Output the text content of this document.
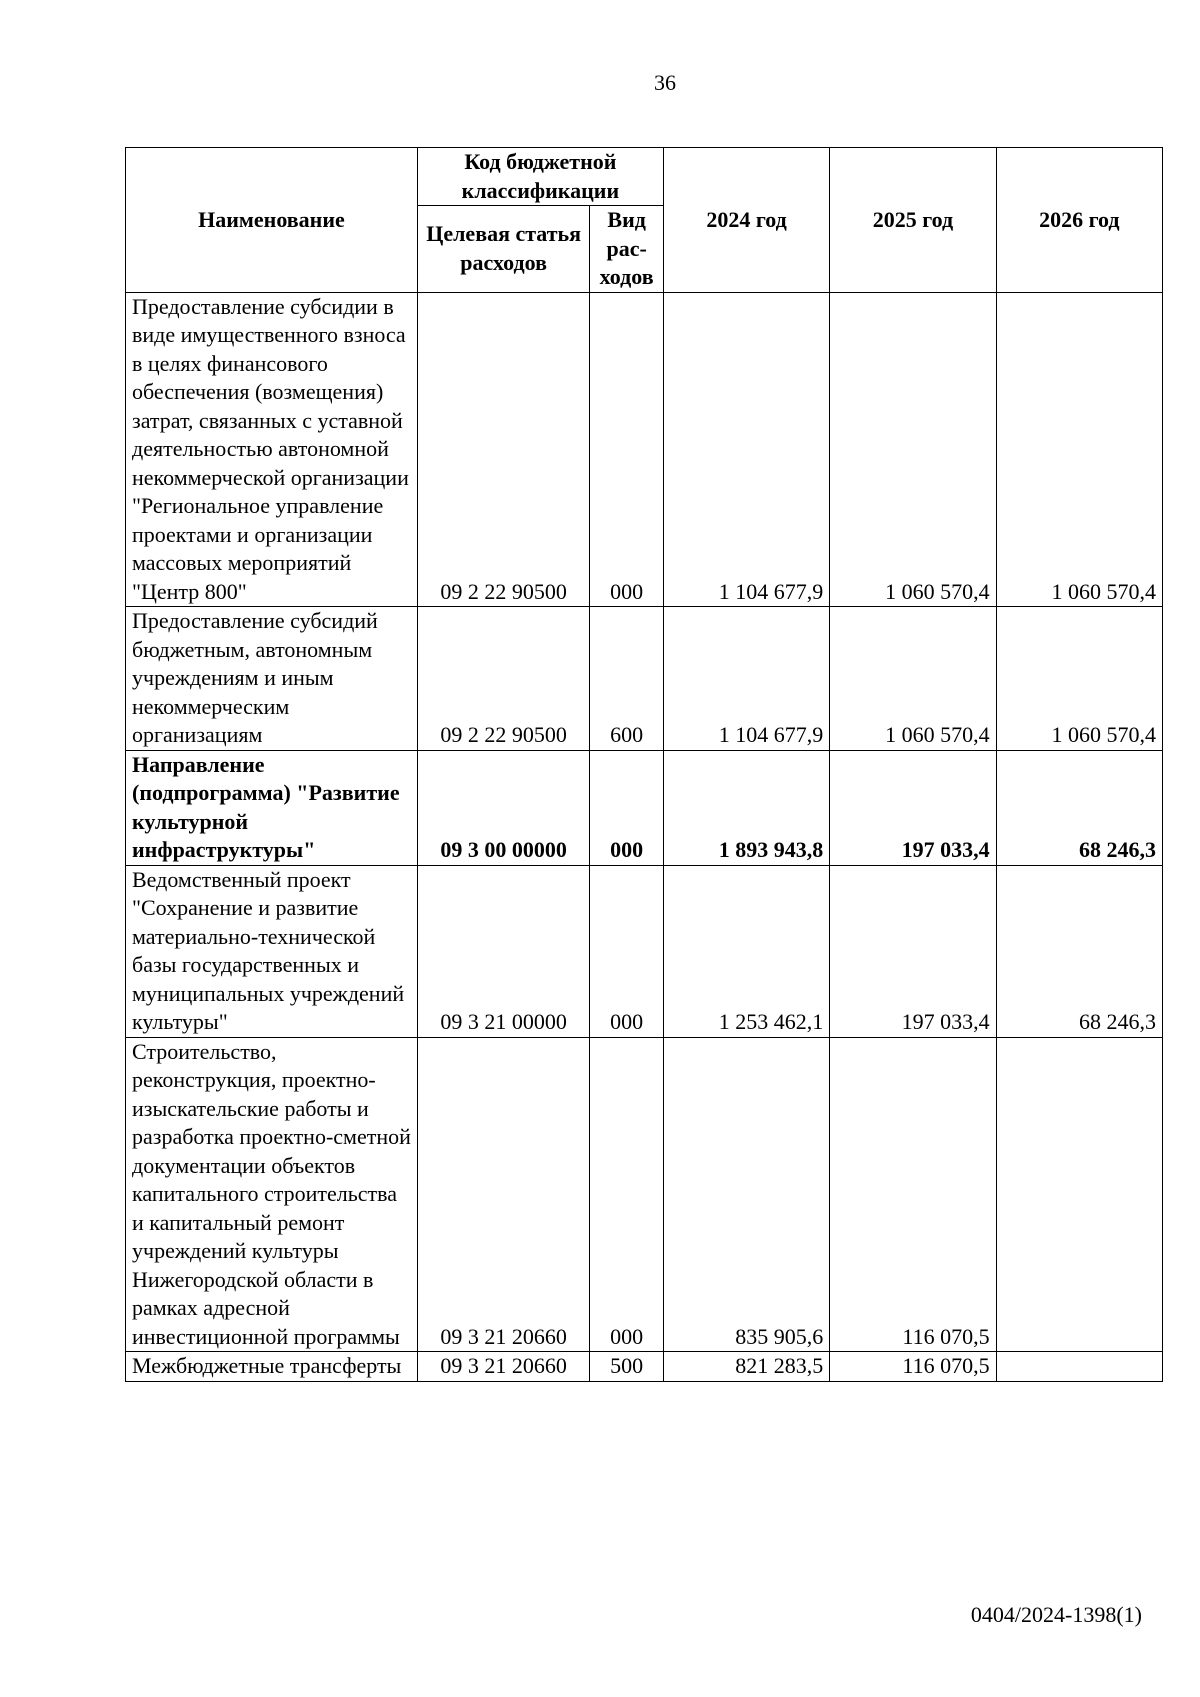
36
Наименование	Код бюджетной классификации		2024 год	2025 год	2026 год
	Целевая статья расходов	Вид рас-ходов			
Предоставление субсидии в виде имущественного взноса в целях финансового обеспечения (возмещения) затрат, связанных с уставной деятельностью автономной некоммерческой организации "Региональное управление проектами и организации массовых мероприятий "Центр 800"	09 2 22 90500	000	1 104 677,9	1 060 570,4	1 060 570,4
Предоставление субсидий бюджетным, автономным учреждениям и иным некоммерческим организациям	09 2 22 90500	600	1 104 677,9	1 060 570,4	1 060 570,4
Направление (подпрограмма) "Развитие культурной инфраструктуры"	09 3 00 00000	000	1 893 943,8	197 033,4	68 246,3
Ведомственный проект "Сохранение и развитие материально-технической базы государственных и муниципальных учреждений культуры"	09 3 21 00000	000	1 253 462,1	197 033,4	68 246,3
Строительство, реконструкция, проектно-изыскательские работы и разработка проектно-сметной документации объектов капитального строительства и капитальный ремонт учреждений культуры Нижегородской области в рамках адресной инвестиционной программы	09 3 21 20660	000	835 905,6	116 070,5	
Межбюджетные трансферты	09 3 21 20660	500	821 283,5	116 070,5	
0404/2024-1398(1)
